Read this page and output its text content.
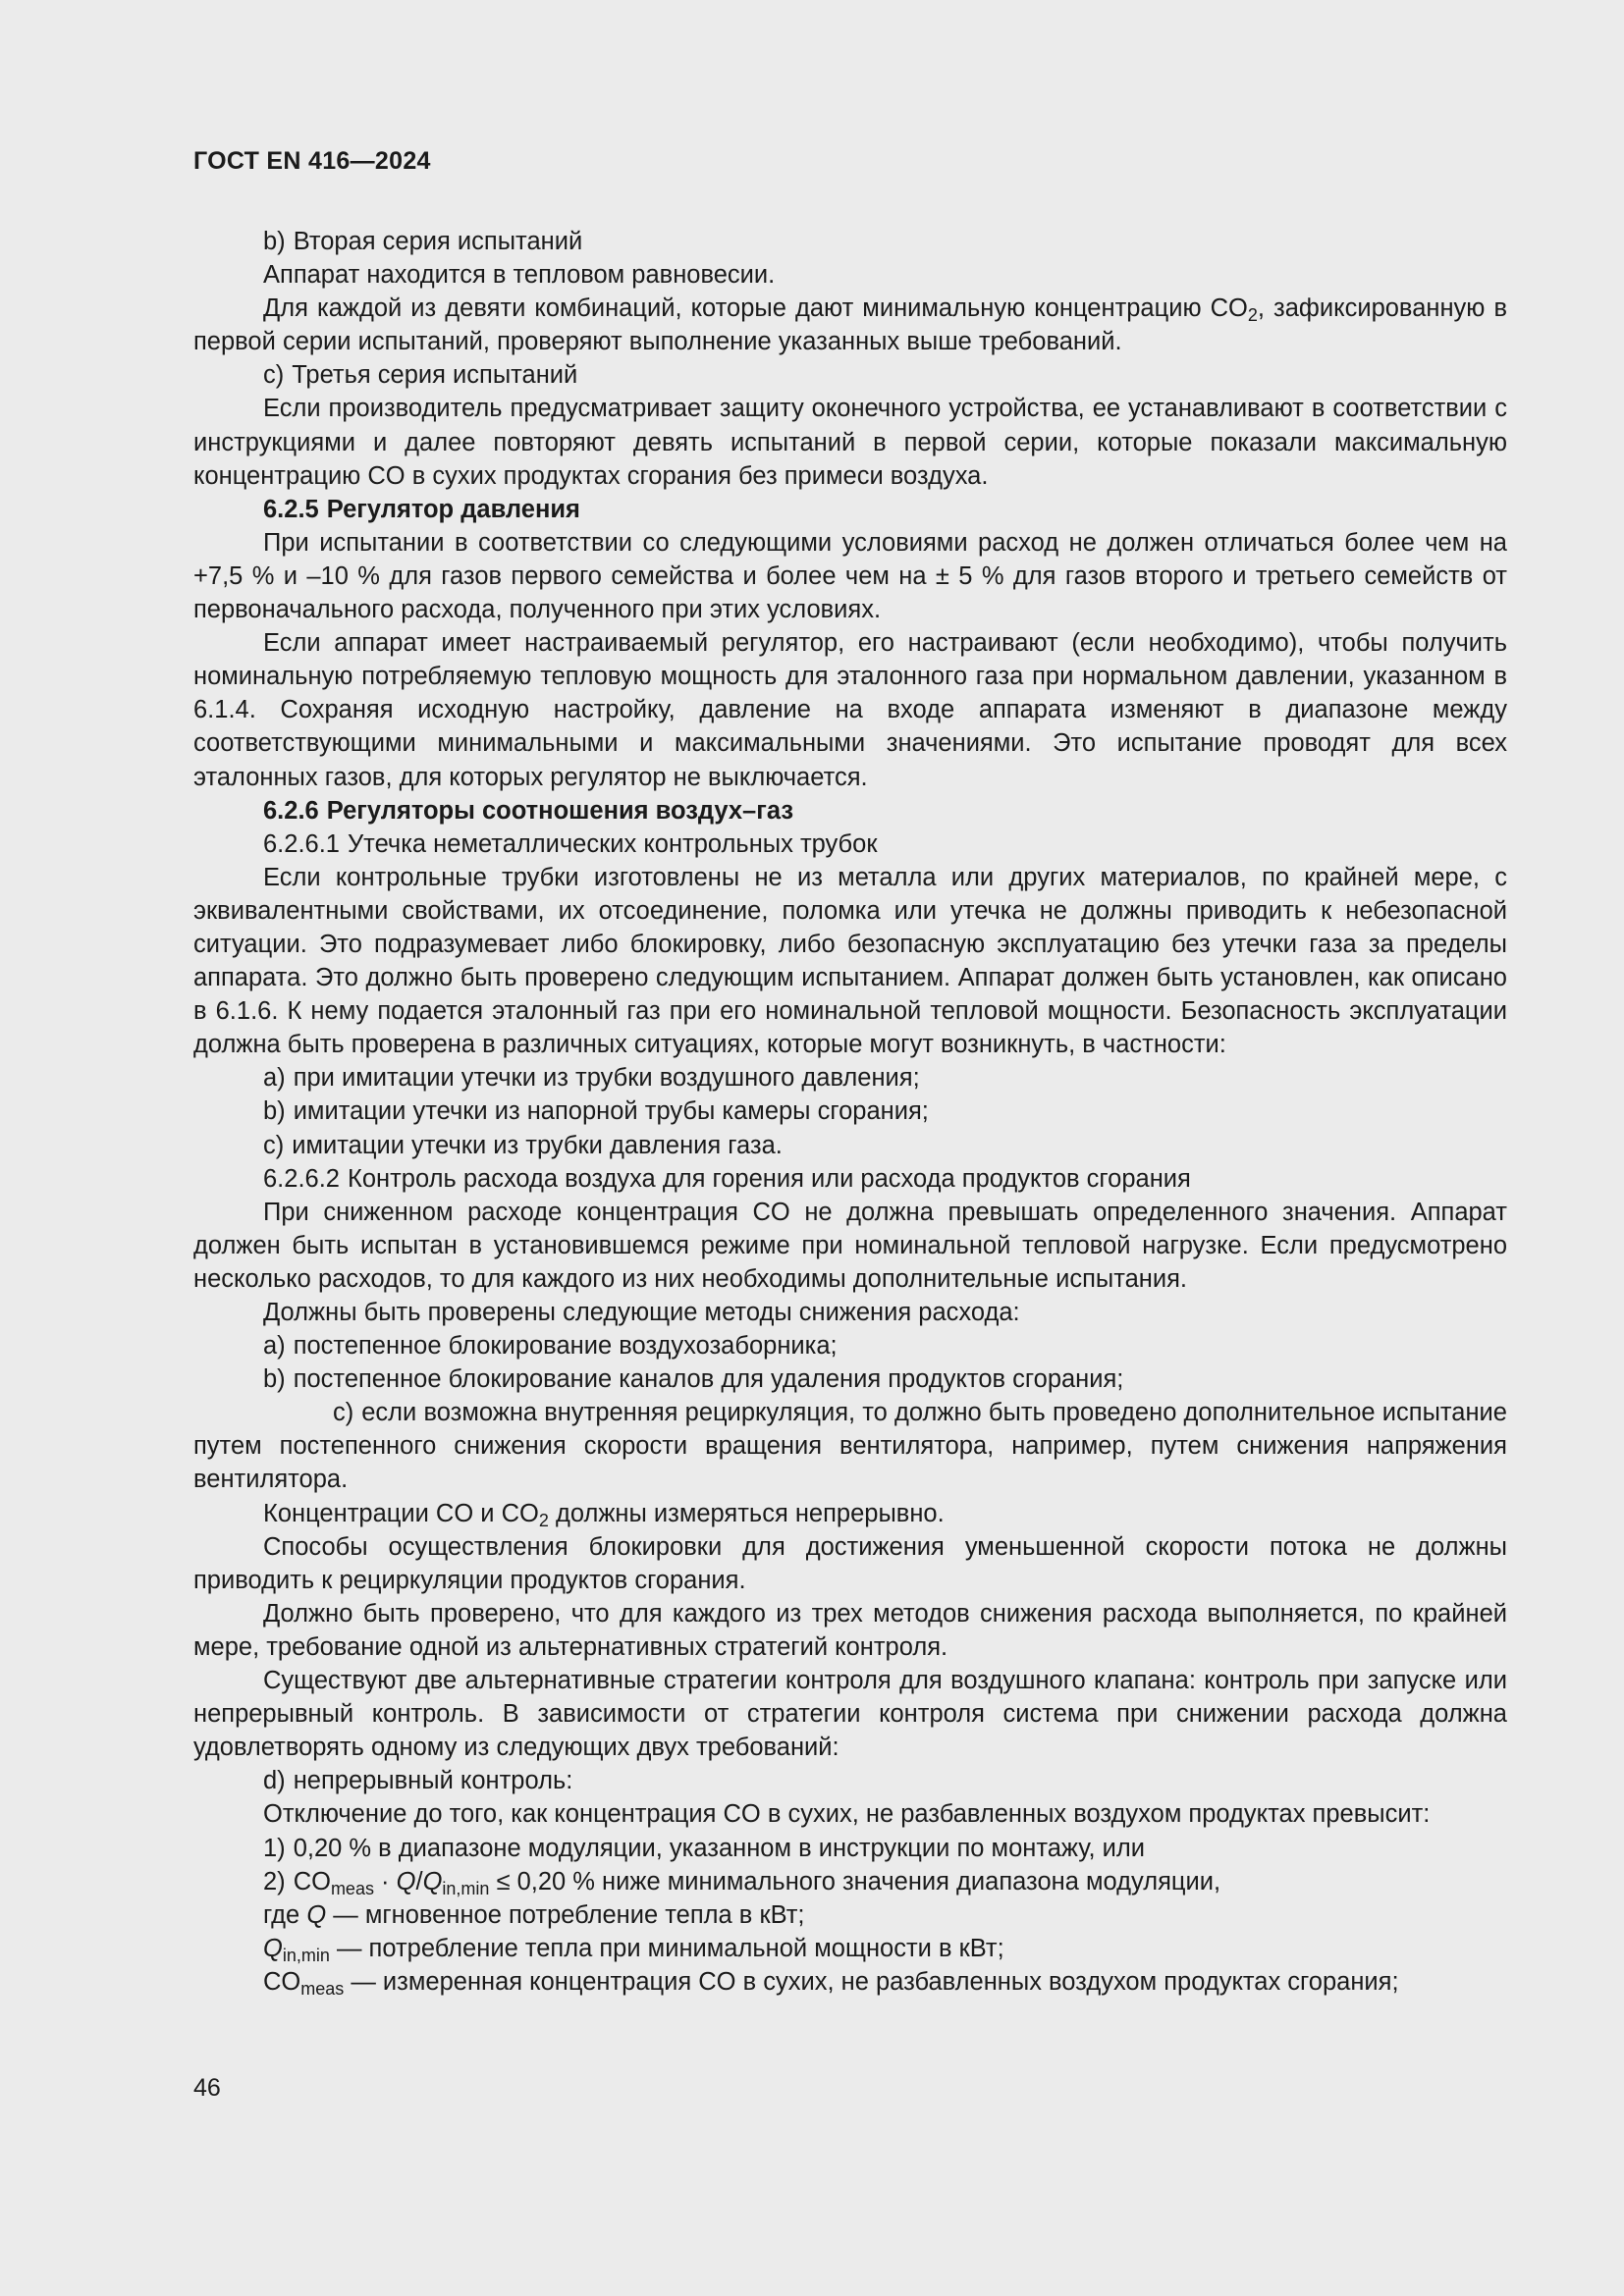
ГОСТ EN 416—2024

b) Вторая серия испытаний

Аппарат находится в тепловом равновесии.

Для каждой из девяти комбинаций, которые дают минимальную концентрацию $CO_2$, зафиксированную в первой серии испытаний, проверяют выполнение указанных выше требований.

c) Третья серия испытаний

Если производитель предусматривает защиту оконечного устройства, ее устанавливают в соответствии с инструкциями и далее повторяют девять испытаний в первой серии, которые показали максимальную концентрацию CO в сухих продуктах сгорания без примеси воздуха.

6.2.5 Регулятор давления

При испытании в соответствии со следующими условиями расход не должен отличаться более чем на +7,5 % и –10 % для газов первого семейства и более чем на ± 5 % для газов второго и третьего семейств от первоначального расхода, полученного при этих условиях.

Если аппарат имеет настраиваемый регулятор, его настраивают (если необходимо), чтобы получить номинальную потребляемую тепловую мощность для эталонного газа при нормальном давлении, указанном в 6.1.4. Сохраняя исходную настройку, давление на входе аппарата изменяют в диапазоне между соответствующими минимальными и максимальными значениями. Это испытание проводят для всех эталонных газов, для которых регулятор не выключается.

6.2.6 Регуляторы соотношения воздух–газ

6.2.6.1 Утечка неметаллических контрольных трубок

Если контрольные трубки изготовлены не из металла или других материалов, по крайней мере, с эквивалентными свойствами, их отсоединение, поломка или утечка не должны приводить к небезопасной ситуации. Это подразумевает либо блокировку, либо безопасную эксплуатацию без утечки газа за пределы аппарата. Это должно быть проверено следующим испытанием. Аппарат должен быть установлен, как описано в 6.1.6. К нему подается эталонный газ при его номинальной тепловой мощности. Безопасность эксплуатации должна быть проверена в различных ситуациях, которые могут возникнуть, в частности:

a) при имитации утечки из трубки воздушного давления;

b) имитации утечки из напорной трубы камеры сгорания;

c) имитации утечки из трубки давления газа.

6.2.6.2 Контроль расхода воздуха для горения или расхода продуктов сгорания

При сниженном расходе концентрация CO не должна превышать определенного значения. Аппарат должен быть испытан в установившемся режиме при номинальной тепловой нагрузке. Если предусмотрено несколько расходов, то для каждого из них необходимы дополнительные испытания.

Должны быть проверены следующие методы снижения расхода:

a) постепенное блокирование воздухозаборника;

b) постепенное блокирование каналов для удаления продуктов сгорания;

c) если возможна внутренняя рециркуляция, то должно быть проведено дополнительное испытание путем постепенного снижения скорости вращения вентилятора, например, путем снижения напряжения вентилятора.

Концентрации CO и $CO_2$ должны измеряться непрерывно.

Способы осуществления блокировки для достижения уменьшенной скорости потока не должны приводить к рециркуляции продуктов сгорания.

Должно быть проверено, что для каждого из трех методов снижения расхода выполняется, по крайней мере, требование одной из альтернативных стратегий контроля.

Существуют две альтернативные стратегии контроля для воздушного клапана: контроль при запуске или непрерывный контроль. В зависимости от стратегии контроля система при снижении расхода должна удовлетворять одному из следующих двух требований:

d) непрерывный контроль:

Отключение до того, как концентрация CO в сухих, не разбавленных воздухом продуктах превысит:

1) 0,20 % в диапазоне модуляции, указанном в инструкции по монтажу, или

2) $CO_{meas} \cdot Q/Q_{in,min} \le 0,20$ % ниже минимального значения диапазона модуляции,

где Q — мгновенное потребление тепла в кВт;

$Q_{in,min}$ — потребление тепла при минимальной мощности в кВт;

$CO_{meas}$ — измеренная концентрация CO в сухих, не разбавленных воздухом продуктах сгорания;

46
